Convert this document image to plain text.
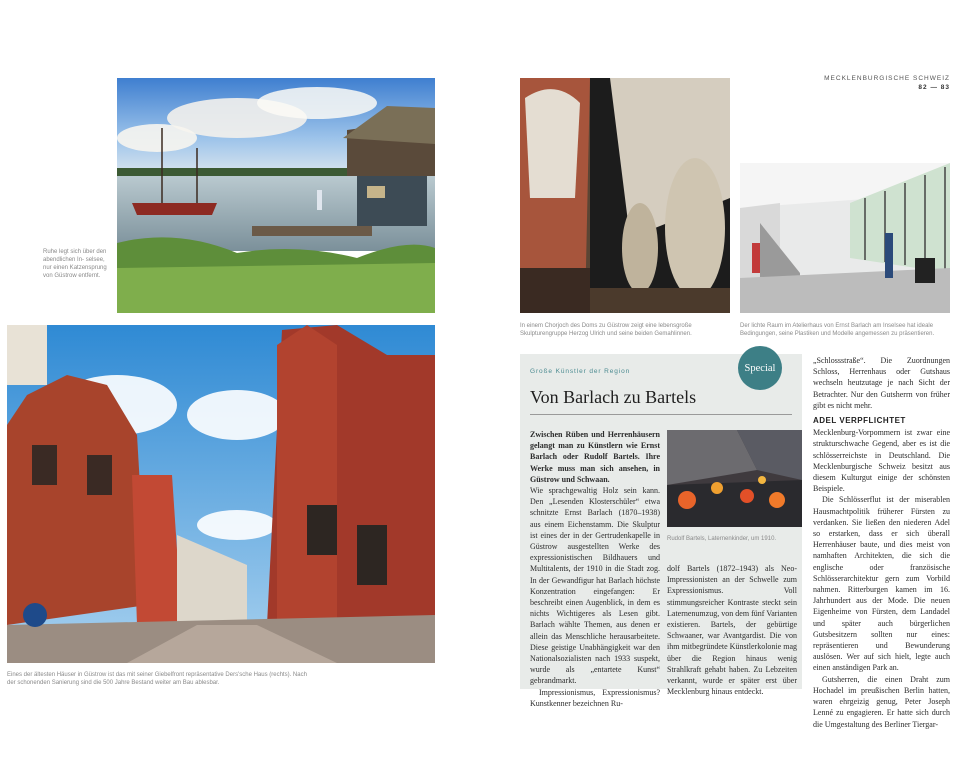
MECKLENBURGISCHE SCHWEIZ
82 — 83
Ruhe legt sich über den abendlichen In- selsee, nur einen Katzensprung von Güstrow entfernt.
Eines der ältesten Häuser in Güstrow ist das mit seiner Giebelfront repräsentative Ders'sche Haus (rechts). Nach der schonenden Sanierung sind die 500 Jahre Bestand weiter am Bau ablesbar.
In einem Chorjoch des Doms zu Güstrow zeigt eine lebensgroße Skulpturengruppe Herzog Ulrich und seine beiden Gemahlinnen.
Der lichte Raum im Atelierhaus von Ernst Barlach am Inselsee hat ideale Bedingungen, seine Plastiken und Modelle angemessen zu präsentieren.
Special
Große Künstler der Region
Von Barlach zu Bartels
Rudolf Bartels, Laternenkinder, um 1910.

Zwischen Rüben und Herrenhäusern gelangt man zu Künstlern wie Ernst Barlach oder Rudolf Bartels. Ihre Werke muss man sich ansehen, in Güstrow und Schwaan.

Wie sprachgewaltig Holz sein kann. Den „Lesenden Klosterschüler“ etwa schnitzte Ernst Barlach (1870–1938) aus einem Eichenstamm. Die Skulptur ist eines der in der Gertrudenkapelle in Güstrow ausgestellten Werke des expressionistischen Bildhauers und Multitalents, der 1910 in die Stadt zog. In der Gewandfigur hat Barlach höchste Konzentration eingefangen: Er beschreibt einen Augenblick, in dem es nichts Wichtigeres als Lesen gibt. Barlach wählte Themen, aus denen er allein das Menschliche herausarbeitete. Diese geistige Unabhängigkeit war den Nationalsozialisten nach 1933 suspekt, wurde als „entartete Kunst“ gebrandmarkt.

Impressionismus, Expressionismus? Kunstkenner bezeichnen Ru-

dolf Bartels (1872–1943) als Neo-Impressionisten an der Schwelle zum Expressionismus. Voll stimmungsreicher Kontraste steckt sein Laternenumzug, von dem fünf Varianten existieren. Bartels, der gebürtige Schwaaner, war Avantgardist. Die von ihm mitbegründete Künstlerkolonie mag über die Region hinaus wenig Strahlkraft gehabt haben. Zu Lebzeiten verkannt, wurde er später erst über Mecklenburg hinaus entdeckt.

„Schlossstraße“. Die Zuordnungen Schloss, Herrenhaus oder Gutshaus wechseln heutzutage je nach Sicht der Betrachter. Nur den Gutsherrn von früher gibt es nicht mehr.

ADEL VERPFLICHTET

Mecklenburg-Vorpommern ist zwar eine strukturschwache Gegend, aber es ist die schlösserreichste in Deutschland. Die Mecklenburgische Schweiz besitzt aus diesem Kulturgut einige der schönsten Beispiele.

Die Schlösserflut ist der miserablen Hausmachtpolitik früherer Fürsten zu verdanken. Sie ließen den niederen Adel so erstarken, dass er sich überall Herrenhäuser baute, und dies meist von namhaften Architekten, die sich die englische oder französische Schlösserarchitektur gern zum Vorbild nahmen. Ritterburgen kamen im 16. Jahrhundert aus der Mode. Die neuen Eigenheime von Fürsten, dem Landadel und später auch bürgerlichen Gutsbesitzern sollten nur eines: repräsentieren und Bewunderung auslösen. Wer auf sich hielt, legte auch einen anständigen Park an.

Gutsherren, die einen Draht zum Hochadel im preußischen Berlin hatten, waren ehrgeizig genug, Peter Joseph Lenné zu engagieren. Er hatte sich durch die Umgestaltung des Berliner Tiergar-
